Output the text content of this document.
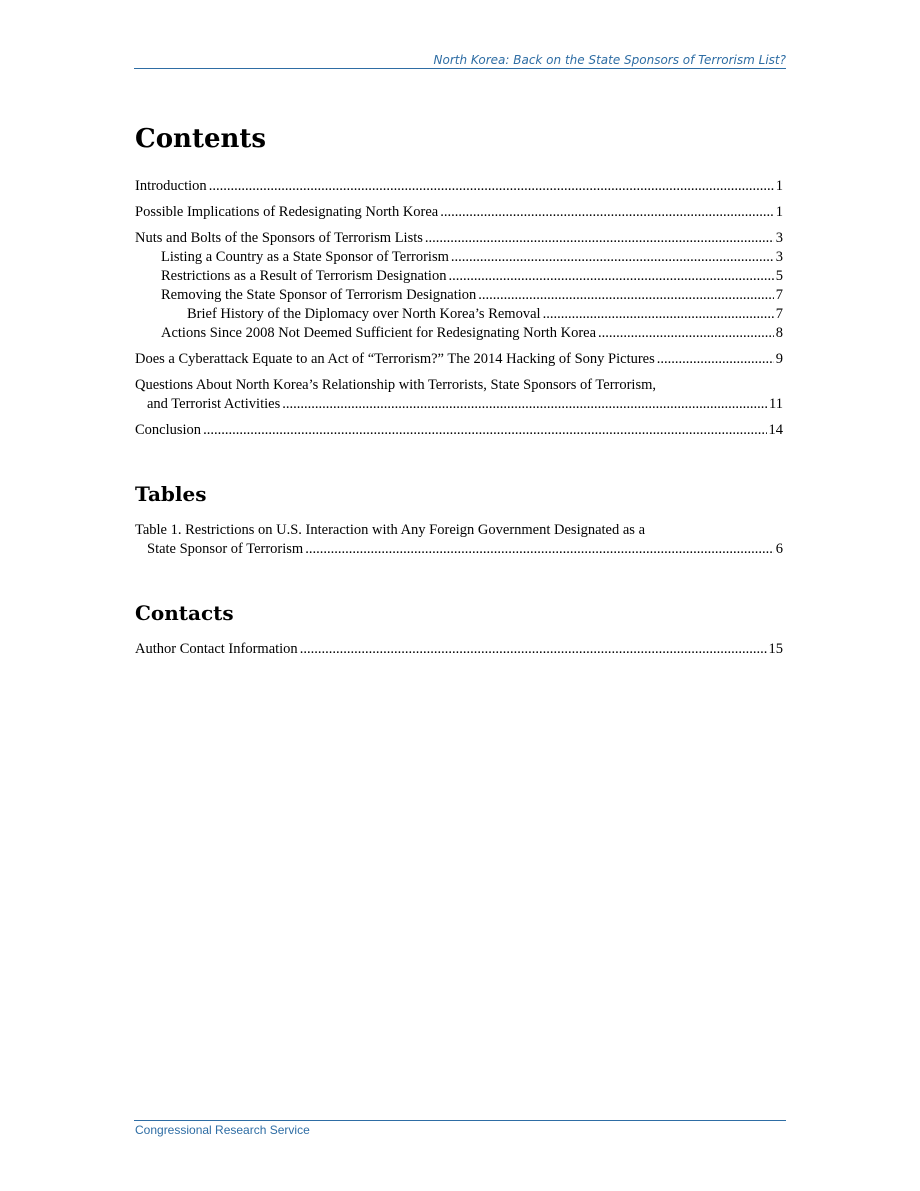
North Korea: Back on the State Sponsors of Terrorism List?
Contents
Introduction .....	1
Possible Implications of Redesignating North Korea .....	1
Nuts and Bolts of the Sponsors of Terrorism Lists .....	3
Listing a Country as a State Sponsor of Terrorism .....	3
Restrictions as a Result of Terrorism Designation .....	5
Removing the State Sponsor of Terrorism Designation .....	7
Brief History of the Diplomacy over North Korea’s Removal .....	7
Actions Since 2008 Not Deemed Sufficient for Redesignating North Korea .....	8
Does a Cyberattack Equate to an Act of “Terrorism?” The 2014 Hacking of Sony Pictures .....	9
Questions About North Korea’s Relationship with Terrorists, State Sponsors of Terrorism,
and Terrorist Activities .....	11
Conclusion .....	14
Tables
Table 1. Restrictions on U.S. Interaction with Any Foreign Government Designated as a
State Sponsor of Terrorism .....	6
Contacts
Author Contact Information .....	15
Congressional Research Service
